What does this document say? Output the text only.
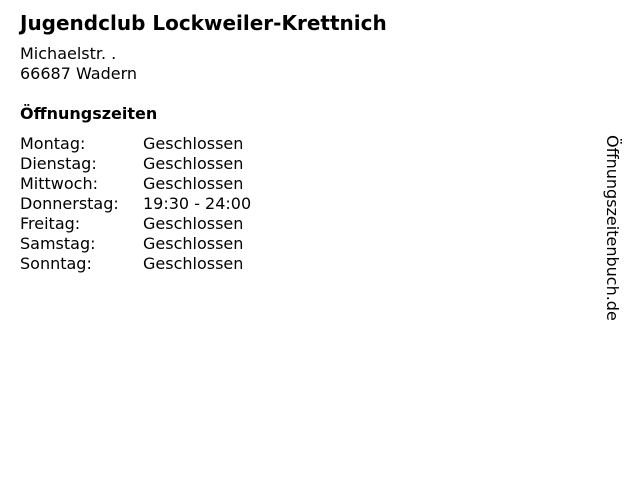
Jugendclub Lockweiler-Krettnich
Michaelstr. .
66687 Wadern
Öffnungszeiten
Montag:	Geschlossen
Dienstag:	Geschlossen
Mittwoch:	Geschlossen
Donnerstag:	19:30 - 24:00
Freitag:	Geschlossen
Samstag:	Geschlossen
Sonntag:	Geschlossen	Öffnungszeitenbuch.de
